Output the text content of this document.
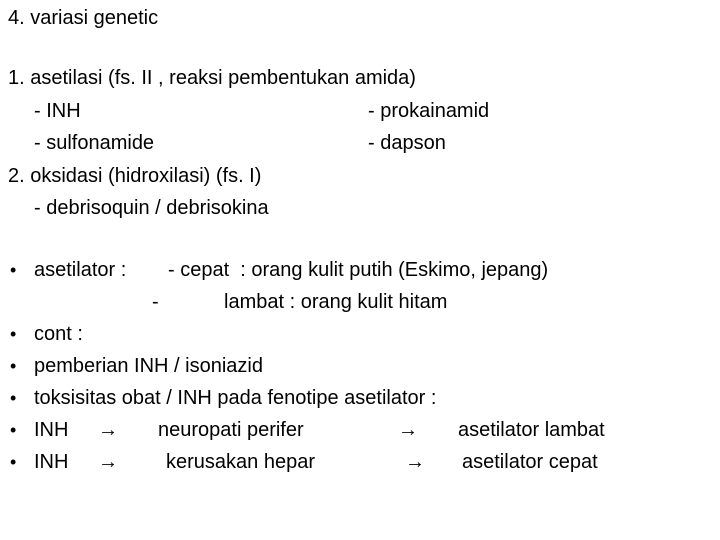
4. variasi genetic
1. asetilasi (fs. II , reaksi pembentukan amida)
- INH	- prokainamid
- sulfonamide	- dapson
2. oksidasi (hidroxilasi) (fs. I)
- debrisoquin / debrisokina
• asetilator : - cepat  : orang kulit putih (Eskimo, jepang)
-	lambat : orang kulit hitam
• cont :
• pemberian INH / isoniazid
• toksisitas obat / INH pada fenotipe asetilator :
• INH → neuropati perifer	→ asetilator lambat
• INH → kerusakan hepar	→ asetilator cepat
